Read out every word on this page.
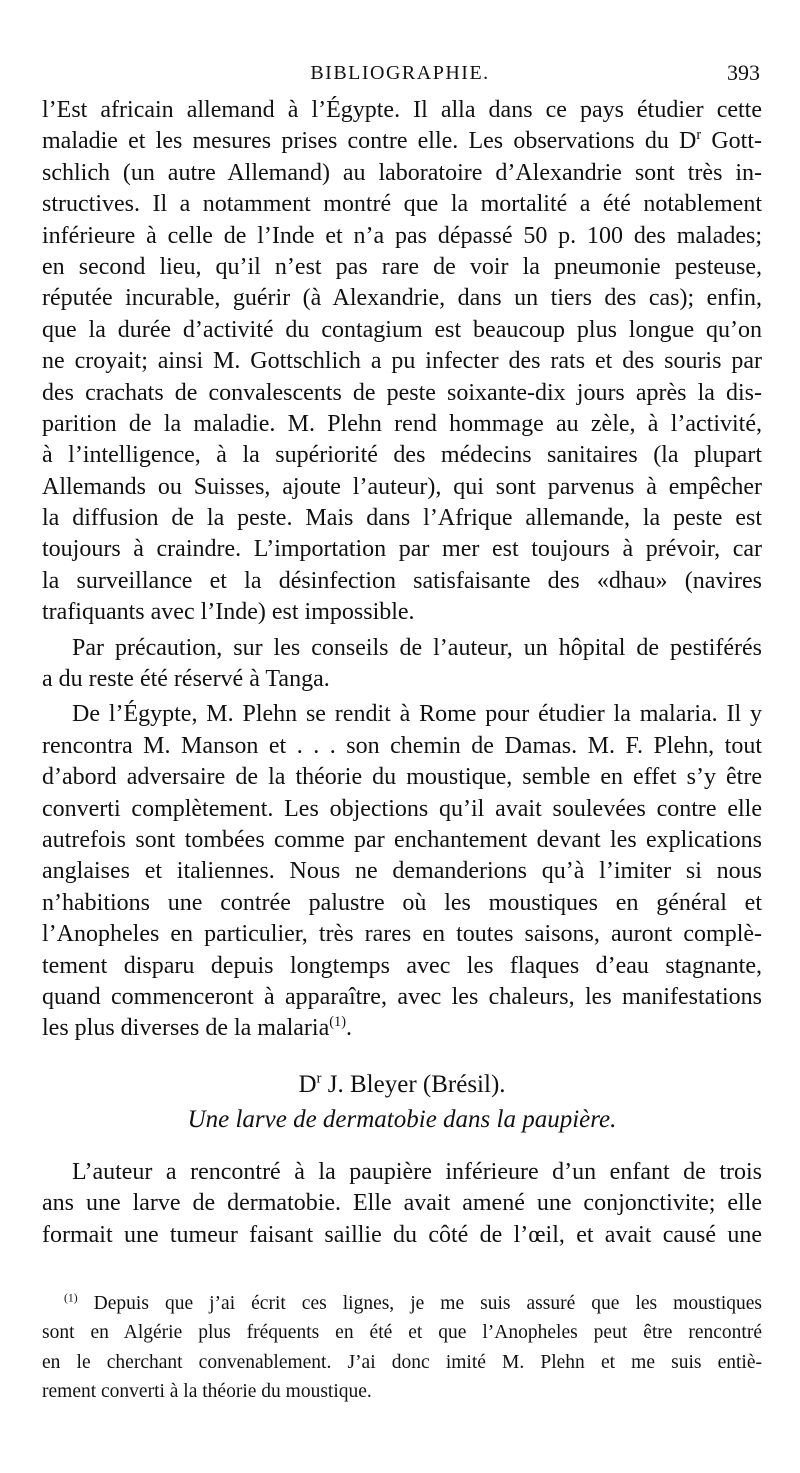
BIBLIOGRAPHIE.	393
l’Est africain allemand à l’Égypte. Il alla dans ce pays étudier cette
maladie et les mesures prises contre elle. Les observations du $D^r$ Gott-
schlich (un autre Allemand) au laboratoire d’Alexandrie sont très in-
structives. Il a notamment montré que la mortalité a été notablement
inférieure à celle de l’Inde et n’a pas dépassé 50 p. 100 des malades;
en second lieu, qu’il n’est pas rare de voir la pneumonie pesteuse,
réputée incurable, guérir (à Alexandrie, dans un tiers des cas); enfin,
que la durée d’activité du contagium est beaucoup plus longue qu’on
ne croyait; ainsi M. Gottschlich a pu infecter des rats et des souris par
des crachats de convalescents de peste soixante-dix jours après la dis-
parition de la maladie. M. Plehn rend hommage au zèle, à l’activité,
à l’intelligence, à la supériorité des médecins sanitaires (la plupart
Allemands ou Suisses, ajoute l’auteur), qui sont parvenus à empêcher
la diffusion de la peste. Mais dans l’Afrique allemande, la peste est
toujours à craindre. L’importation par mer est toujours à prévoir, car
la surveillance et la désinfection satisfaisante des «dhau» (navires
trafiquants avec l’Inde) est impossible.
Par précaution, sur les conseils de l’auteur, un hôpital de pestiférés
a du reste été réservé à Tanga.
De l’Égypte, M. Plehn se rendit à Rome pour étudier la malaria. Il y
rencontra M. Manson et . . . son chemin de Damas. M. F. Plehn, tout
d’abord adversaire de la théorie du moustique, semble en effet s’y être
converti complètement. Les objections qu’il avait soulevées contre elle
autrefois sont tombées comme par enchantement devant les explications
anglaises et italiennes. Nous ne demanderions qu’à l’imiter si nous
n’habitions une contrée palustre où les moustiques en général et
l’Anopheles en particulier, très rares en toutes saisons, auront complè-
tement disparu depuis longtemps avec les flaques d’eau stagnante,
quand commenceront à apparaître, avec les chaleurs, les manifestations
les plus diverses de la malaria$^{(1)}$.
$D^r$ J. Bleyer (Brésil).
Une larve de dermatobie dans la paupière.
L’auteur a rencontré à la paupière inférieure d’un enfant de trois
ans une larve de dermatobie. Elle avait amené une conjonctivite; elle
formait une tumeur faisant saillie du côté de l’œil, et avait causé une
$^{(1)}$ Depuis que j’ai écrit ces lignes, je me suis assuré que les moustiques
sont en Algérie plus fréquents en été et que l’Anopheles peut être rencontré
en le cherchant convenablement. J’ai donc imité M. Plehn et me suis entiè-
rement converti à la théorie du moustique.
